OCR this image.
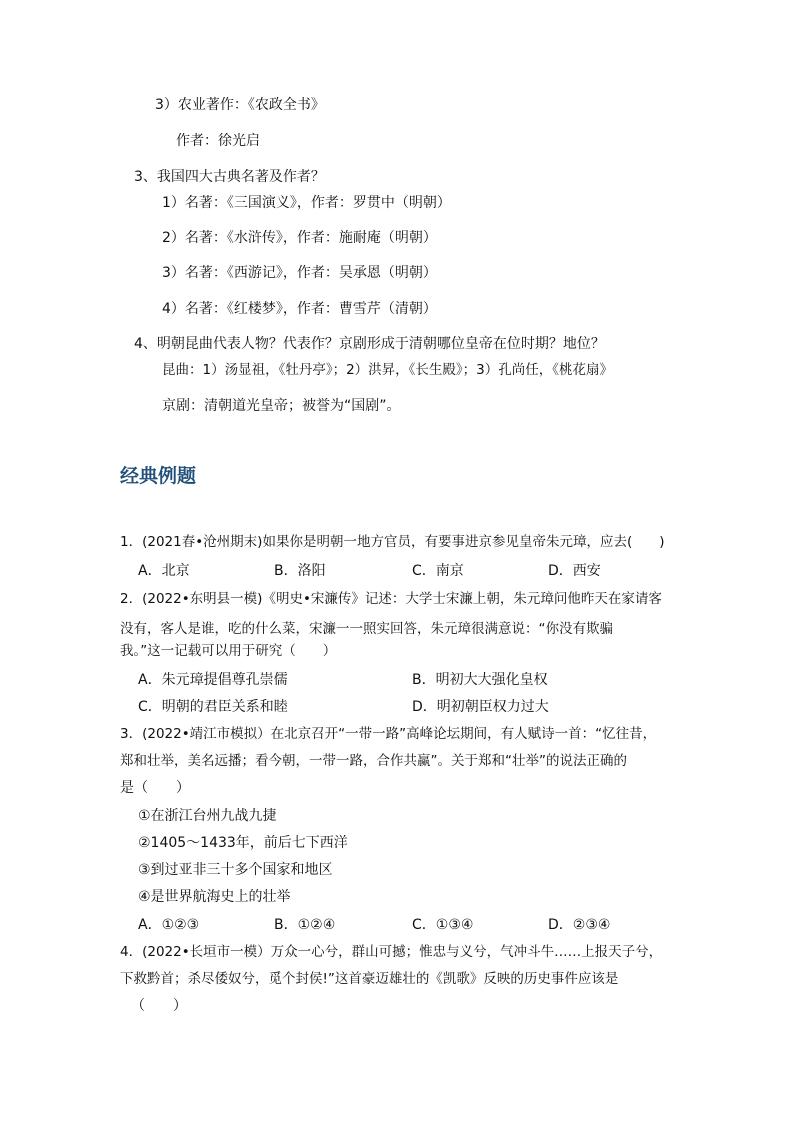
3）农业著作：《农政全书》
作者：徐光启
3、我国四大古典名著及作者？
1）名著：《三国演义》，作者：罗贯中（明朝）
2）名著：《水浒传》，作者：施耐庵（明朝）
3）名著：《西游记》，作者：吴承恩（明朝）
4）名著：《红楼梦》，作者：曹雪芹（清朝）
4、明朝昆曲代表人物？代表作？京剧形成于清朝哪位皇帝在位时期？地位？
昆曲：1）汤显祖，《牡丹亭》；2）洪昇，《长生殿》；3）孔尚任，《桃花扇》
京剧：清朝道光皇帝；被誉为“国剧”。
经典例题
1．(2021春•沧州期末)如果你是明朝一地方官员，有要事进京参见皇帝朱元璋，应去(　　)
A．北京	B．洛阳	C．南京	D．西安
2．(2022•东明县一模)《明史•宋濂传》记述：大学士宋濂上朝，朱元璋问他昨天在家请客
没有，客人是谁，吃的什么菜，宋濂一一照实回答，朱元璋很满意说：“你没有欺骗
我。”这一记载可以用于研究（　　）
A．朱元璋提倡尊孔崇儒	B．明初大大强化皇权
C．明朝的君臣关系和睦	D．明初朝臣权力过大
3．(2022•靖江市模拟）在北京召开“一带一路”高峰论坛期间，有人赋诗一首：“忆往昔，
郑和壮举，美名远播；看今朝，一带一路，合作共赢”。关于郑和“壮举”的说法正确的
是（　　）
①在浙江台州九战九捷
②1405～1433年，前后七下西洋
③到过亚非三十多个国家和地区
④是世界航海史上的壮举
A．①②③	B．①②④	C．①③④	D．②③④
4．(2022•长垣市一模）万众一心兮，群山可撼；惟忠与义兮，气冲斗牛……上报天子兮，
下救黔首；杀尽倭奴兮，觅个封侯!”这首豪迈雄壮的《凯歌》反映的历史事件应该是
（　　）
